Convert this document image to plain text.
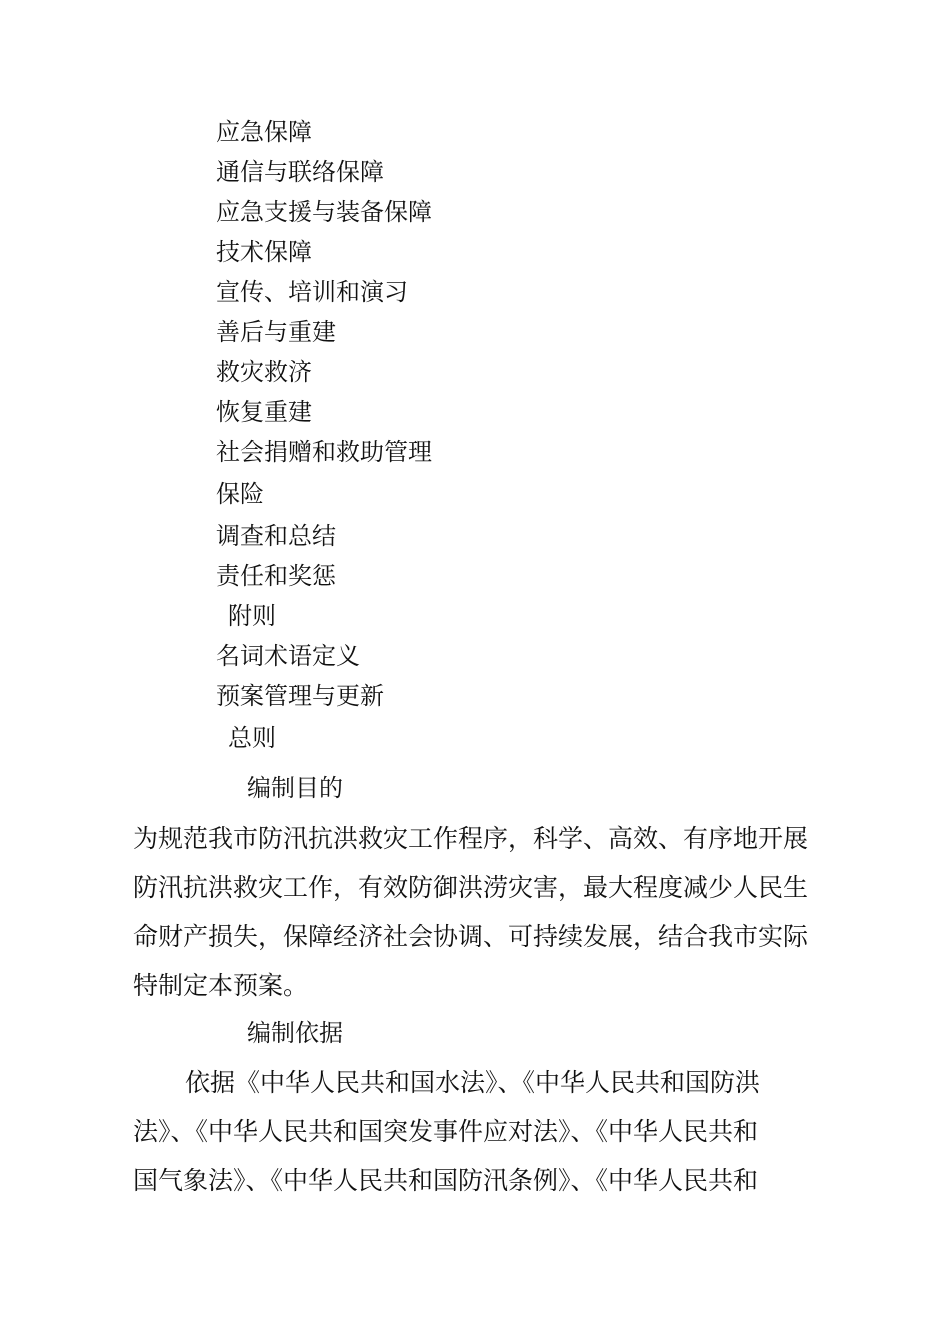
应急保障
通信与联络保障
应急支援与装备保障
技术保障
宣传、培训和演习
善后与重建
救灾救济
恢复重建
社会捐赠和救助管理
保险
调查和总结
责任和奖惩
附则
名词术语定义
预案管理与更新
总则
编制目的
为规范我市防汛抗洪救灾工作程序，科学、高效、有序地开展
防汛抗洪救灾工作，有效防御洪涝灾害，最大程度减少人民生
命财产损失，保障经济社会协调、可持续发展，结合我市实际
特制定本预案。
编制依据
依据《中华人民共和国水法》、《中华人民共和国防洪
法》、《中华人民共和国突发事件应对法》、《中华人民共和
国气象法》、《中华人民共和国防汛条例》、《中华人民共和
